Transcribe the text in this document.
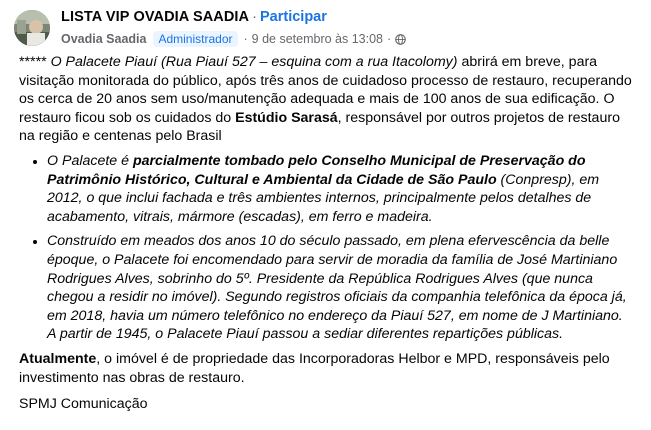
LISTA VIP OVADIA SAADIA · Participar
Ovadia Saadia	Administrador · 9 de setembro às 13:08 ·

***** O Palacete Piauí (Rua Piauí 527 – esquina com a rua Itacolomy) abrirá em breve, para visitação monitorada do público, após três anos de cuidadoso processo de restauro, recuperando os cerca de 20 anos sem uso/manutenção adequada e mais de 100 anos de sua edificação. O restauro ficou sob os cuidados do Estúdio Sarasá, responsável por outros projetos de restauro na região e centenas pelo Brasil

• O Palacete é parcialmente tombado pelo Conselho Municipal de Preservação do Patrimônio Histórico, Cultural e Ambiental da Cidade de São Paulo (Conpresp), em 2012, o que inclui fachada e três ambientes internos, principalmente pelos detalhes de acabamento, vitrais, mármore (escadas), em ferro e madeira.
• Construído em meados dos anos 10 do século passado, em plena efervescência da belle époque, o Palacete foi encomendado para servir de moradia da família de José Martiniano Rodrigues Alves, sobrinho do 5º. Presidente da República Rodrigues Alves (que nunca chegou a residir no imóvel). Segundo registros oficiais da companhia telefônica da época já, em 2018, havia um número telefônico no endereço da Piauí 527, em nome de J Martiniano. A partir de 1945, o Palacete Piauí passou a sediar diferentes repartições públicas.

Atualmente, o imóvel é de propriedade das Incorporadoras Helbor e MPD, responsáveis pelo investimento nas obras de restauro.

SPMJ Comunicação
